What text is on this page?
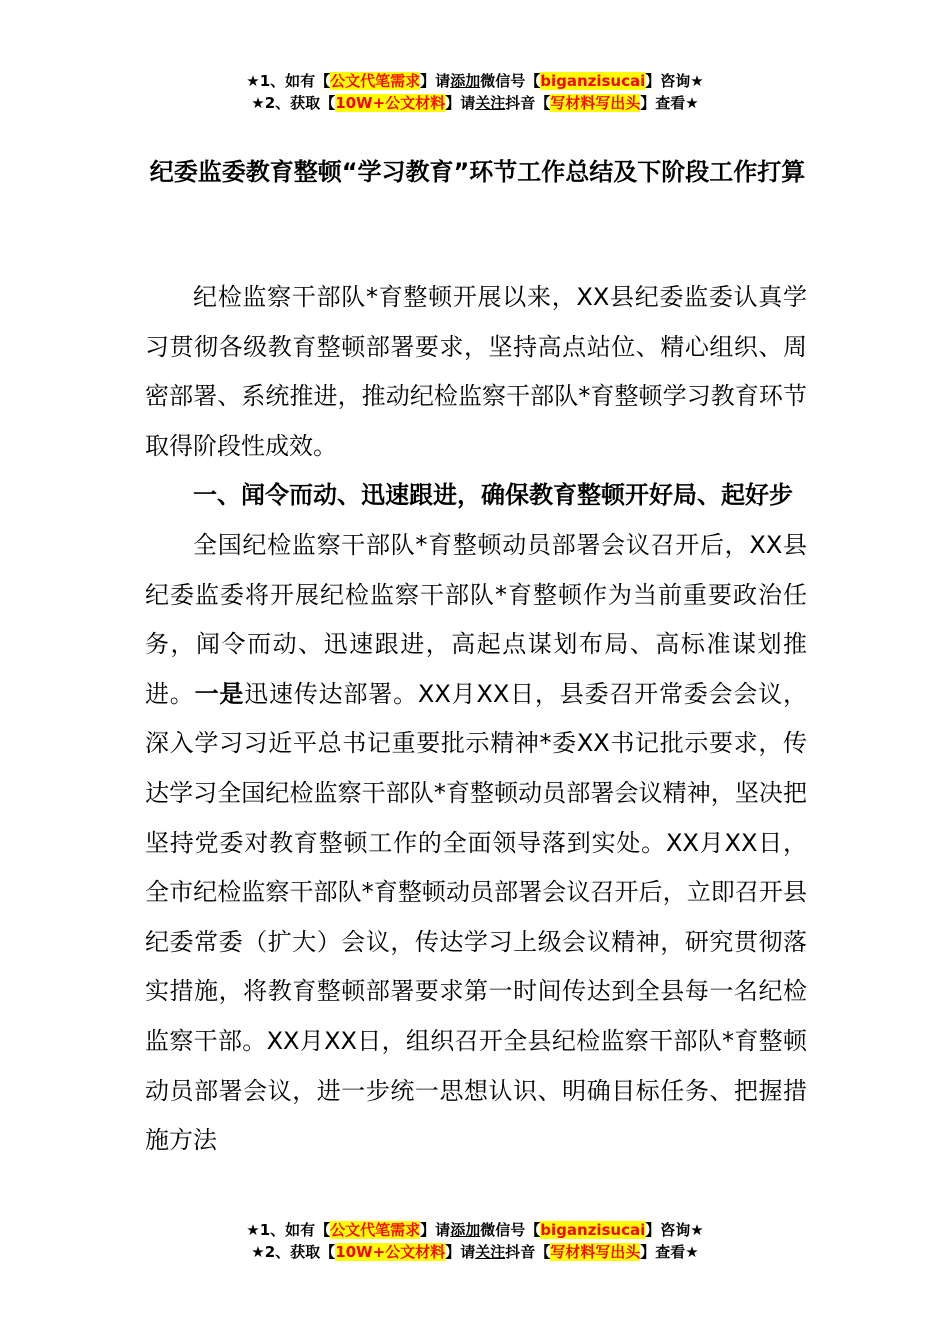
★1、如有【公文代笔需求】请添加微信号【biganzisucai】咨询★
★2、获取【10W+公文材料】请关注抖音【写材料写出头】查看★
纪委监委教育整顿“学习教育”环节工作总结及下阶段工作打算

纪检监察干部队*育整顿开展以来，XX县纪委监委认真学习贯彻各级教育整顿部署要求，坚持高点站位、精心组织、周密部署、系统推进，推动纪检监察干部队*育整顿学习教育环节取得阶段性成效。

一、闻令而动、迅速跟进，确保教育整顿开好局、起好步

全国纪检监察干部队*育整顿动员部署会议召开后，XX县纪委监委将开展纪检监察干部队*育整顿作为当前重要政治任务，闻令而动、迅速跟进，高起点谋划布局、高标准谋划推进。一是迅速传达部署。XX月XX日，县委召开常委会会议，深入学习习近平总书记重要批示精神*委XX书记批示要求，传达学习全国纪检监察干部队*育整顿动员部署会议精神，坚决把坚持党委对教育整顿工作的全面领导落到实处。XX月XX日，全市纪检监察干部队*育整顿动员部署会议召开后，立即召开县纪委常委（扩大）会议，传达学习上级会议精神，研究贯彻落实措施，将教育整顿部署要求第一时间传达到全县每一名纪检监察干部。XX月XX日，组织召开全县纪检监察干部队*育整顿动员部署会议，进一步统一思想认识、明确目标任务、把握措施方法

★1、如有【公文代笔需求】请添加微信号【biganzisucai】咨询★
★2、获取【10W+公文材料】请关注抖音【写材料写出头】查看★
